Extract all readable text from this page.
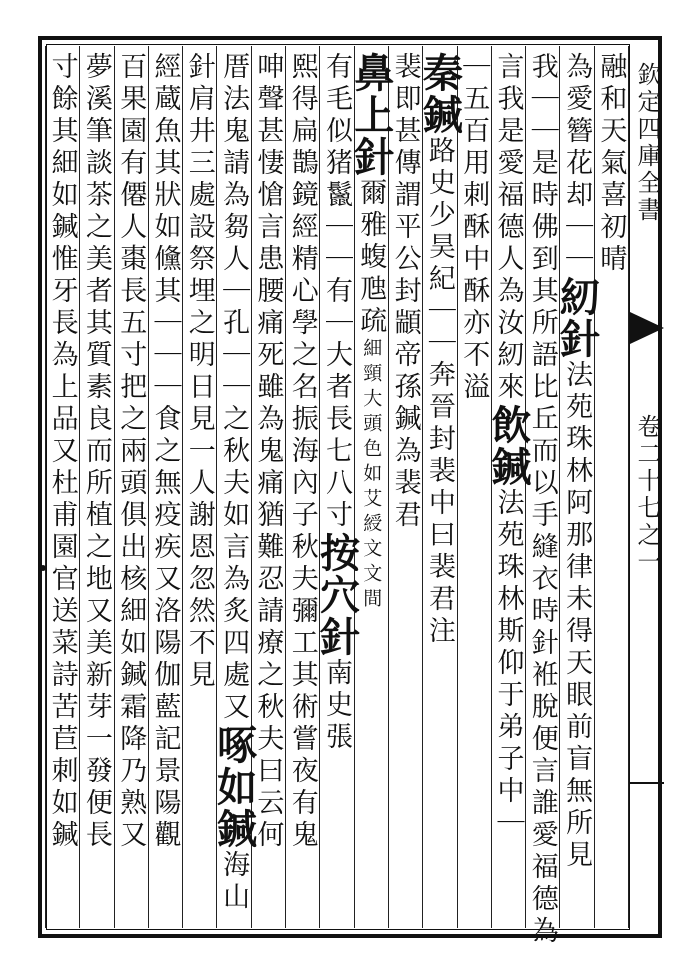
欽定四庫全書
卷二十七之一
融和天氣喜初晴
為愛簪花却｜｜
紉針
法苑珠林阿那律未得天眼前盲無所見
我｜｜是時佛到其所語比丘
而以手縫衣時針袵脫便言誰愛福德為
言我是愛福德人為汝紉來
飲鍼
法苑珠林斯仰于弟子中｜
｜五百用刺酥中酥亦不溢
秦鍼
路史少昊紀｜｜奔晉封裴中曰裴君注
裴即甚傳謂平公封顓帝孫鍼為裴君
鼻上針
爾雅蝮虺疏
細頸大頭色如艾綬文文間
有毛似猪鬣｜｜有｜大者長七八寸
按穴針
南史張
熙得扁鵲鏡經精心學之名振海內子秋夫彌工其術嘗夜有鬼
呻聲甚悽愴言患腰痛死雖為鬼痛猶難忍請療之秋夫曰云何
厝法鬼請為芻人｜孔｜｜之秋夫如言為炙四處又
啄如鍼
海山
針肩井三處設祭埋之明日見一人謝恩忽然不見
經蔵魚其狀如儵其｜｜｜食之無疫疾又洛陽伽藍記景陽觀
百果園有僊人棗長五寸把之兩頭俱出核細如鍼霜降乃熟又
夢溪筆談茶之美者其質素良而所植之地又美新芽一發便長
寸餘其細如鍼惟牙長為上品又杜甫園官送菜詩苦苣刺如鍼
